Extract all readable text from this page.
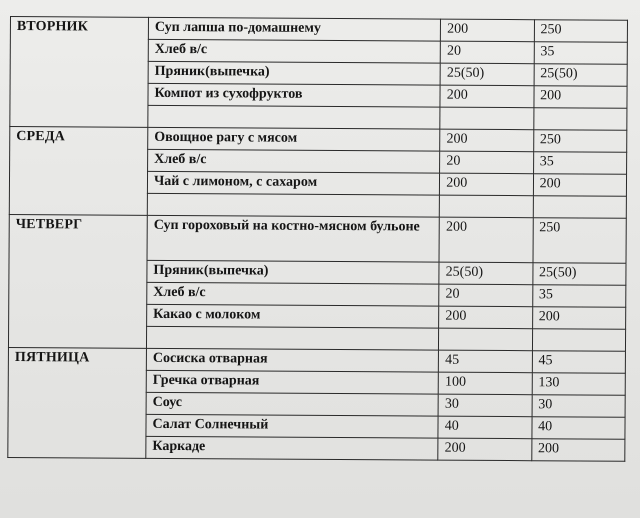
ВТОРНИК	Суп лапша по-домашнему	200	250
	Хлеб в/с	20	35
	Пряник(выпечка)	25(50)	25(50)
	Компот из сухофруктов	200	200

СРЕДА	Овощное рагу с мясом	200	250
	Хлеб в/с	20	35
	Чай с лимоном, с сахаром	200	200

ЧЕТВЕРГ	Суп гороховый на костно-мясном бульоне	200	250
	Пряник(выпечка)	25(50)	25(50)
	Хлеб в/с	20	35
	Какао с молоком	200	200

ПЯТНИЦА	Сосиска отварная	45	45
	Гречка отварная	100	130
	Соус	30	30
	Салат Солнечный	40	40
	Каркаде	200	200
